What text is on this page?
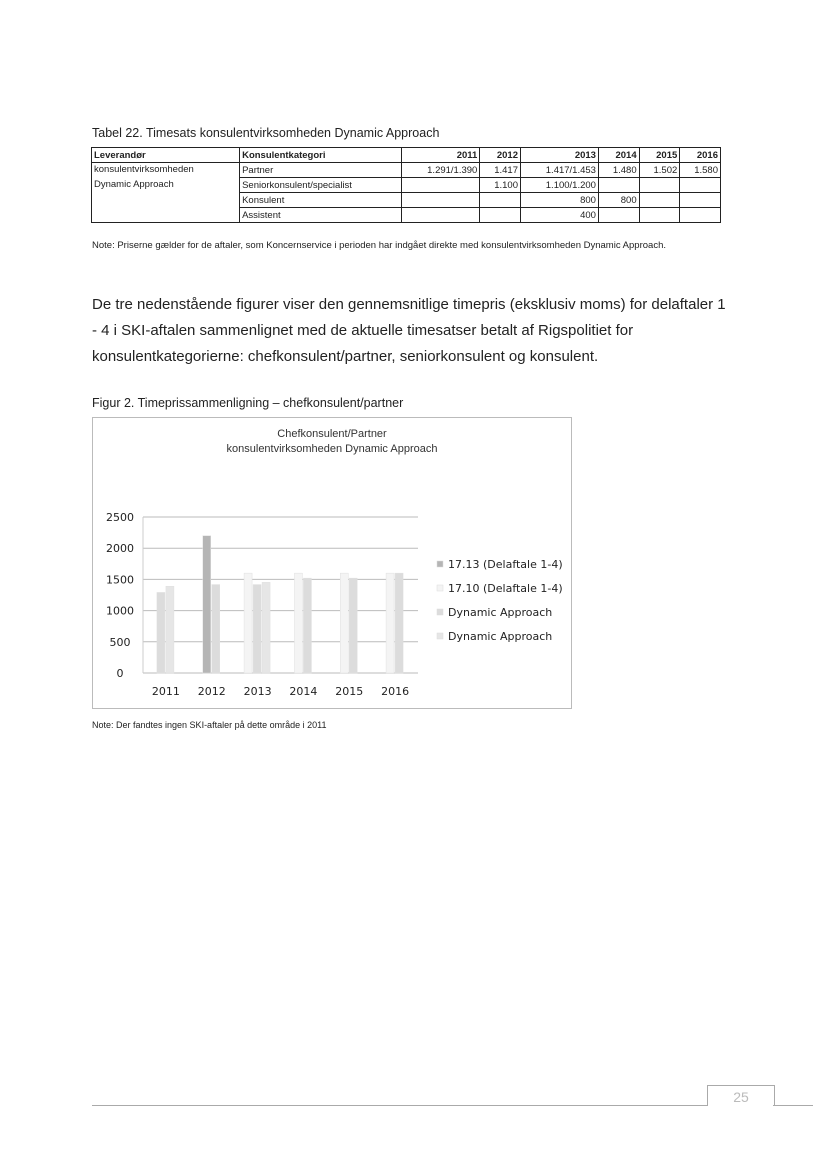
Tabel 22. Timesats konsulentvirksomheden Dynamic Approach
Leverandør	Konsulentkategori	2011	2012	2013	2014	2015	2016
konsulentvirksomheden	Partner	1.291/1.390	1.417	1.417/1.453	1.480	1.502	1.580
Dynamic Approach	Seniorkonsulent/specialist		1.100	1.100/1.200			
	Konsulent			800	800		
	Assistent			400			
Note: Priserne gælder for de aftaler, som Koncernservice i perioden har indgået direkte med konsulentvirksomheden Dynamic Approach.
De tre nedenstående figurer viser den gennemsnitlige timepris (eksklusiv moms) for delaftaler 1 - 4 i SKI-aftalen sammenlignet med de aktuelle timesatser betalt af Rigspolitiet for konsulentkategorierne: chefkonsulent/partner, seniorkonsulent og konsulent.
Figur 2. Timeprissammenligning – chefkonsulent/partner
Chefkonsulent/Partner
konsulentvirksomheden Dynamic Approach
0
500
1000
1500
2000
2500
2011 2012 2013 2014 2015 2016
17.13 (Delaftale 1-4)
17.10 (Delaftale 1-4)
Dynamic Approach
Dynamic Approach
Note: Der fandtes ingen SKI-aftaler på dette område i 2011
25
